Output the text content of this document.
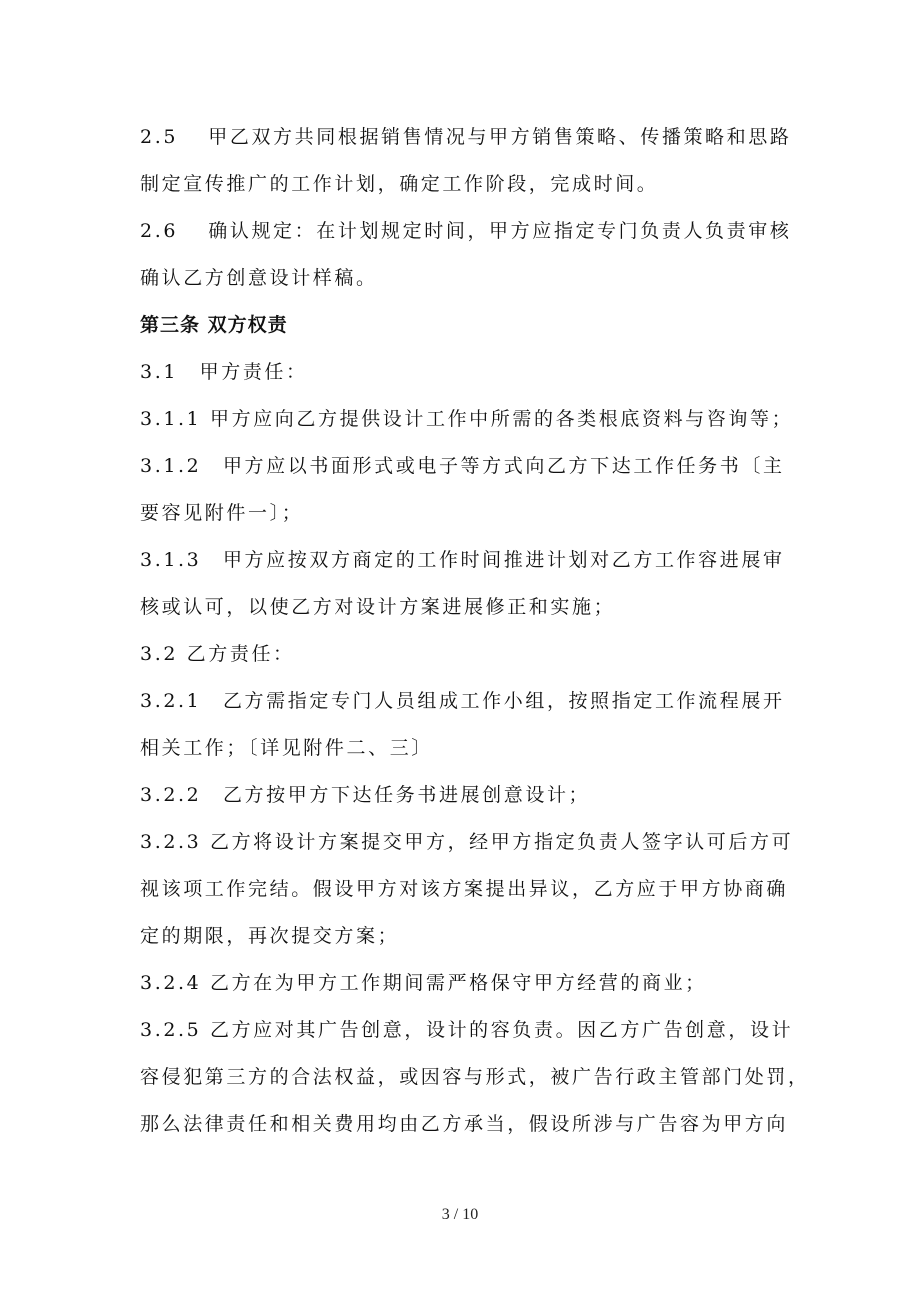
2.5　 甲乙双方共同根据销售情况与甲方销售策略、传播策略和思路

制定宣传推广的工作计划，确定工作阶段，完成时间。

2.6　 确认规定：在计划规定时间，甲方应指定专门负责人负责审核

确认乙方创意设计样稿。

第三条 双方权责

3.1　甲方责任：

3.1.1 甲方应向乙方提供设计工作中所需的各类根底资料与咨询等；

3.1.2　甲方应以书面形式或电子等方式向乙方下达工作任务书〔主

要容见附件一〕；

3.1.3　甲方应按双方商定的工作时间推进计划对乙方工作容进展审

核或认可，以使乙方对设计方案进展修正和实施；

3.2 乙方责任：

3.2.1　乙方需指定专门人员组成工作小组，按照指定工作流程展开

相关工作；〔详见附件二、三〕

3.2.2　乙方按甲方下达任务书进展创意设计；

3.2.3 乙方将设计方案提交甲方，经甲方指定负责人签字认可后方可

视该项工作完结。假设甲方对该方案提出异议，乙方应于甲方协商确

定的期限，再次提交方案；

3.2.4 乙方在为甲方工作期间需严格保守甲方经营的商业；

3.2.5 乙方应对其广告创意，设计的容负责。因乙方广告创意，设计

容侵犯第三方的合法权益，或因容与形式，被广告行政主管部门处罚，

那么法律责任和相关费用均由乙方承当，假设所涉与广告容为甲方向

3 / 10
